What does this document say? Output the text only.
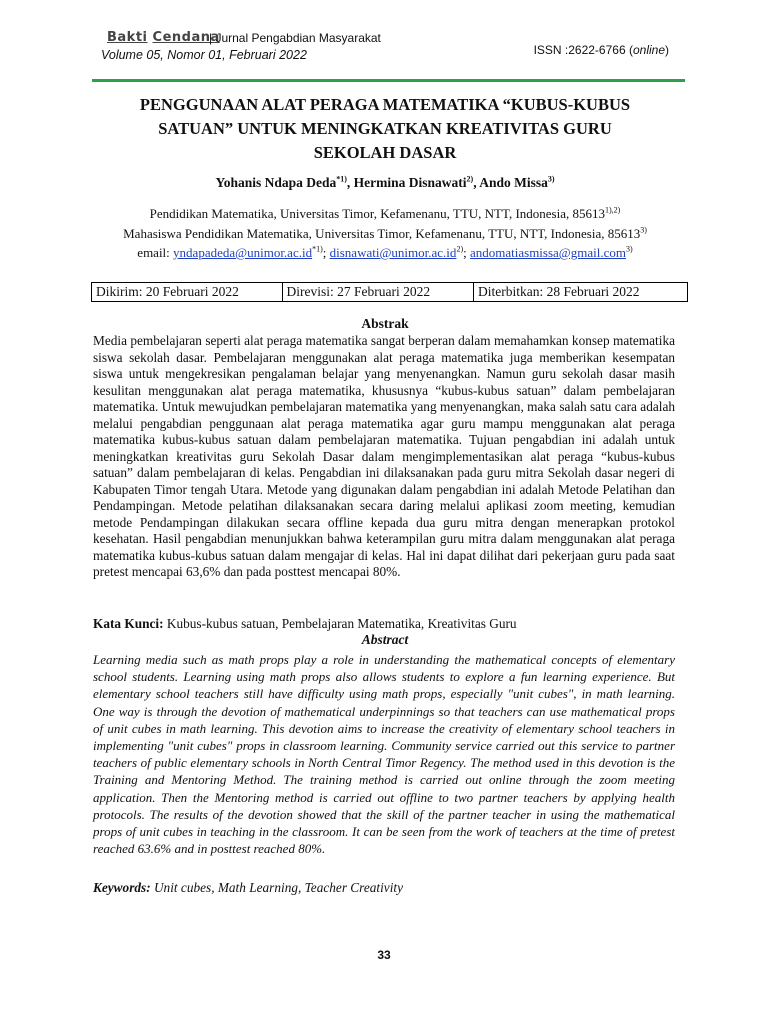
Bakti Cendana
| Jurnal Pengabdian Masyarakat
Volume 05, Nomor 01, Februari 2022	ISSN :2622-6766 (online)
PENGGUNAAN ALAT PERAGA MATEMATIKA “KUBUS-KUBUS
SATUAN” UNTUK MENINGKATKAN KREATIVITAS GURU
SEKOLAH DASAR
Yohanis Ndapa Deda$^{*1)}$, Hermina Disnawati$^{2)}$, Ando Missa$^{3)}$
Pendidikan Matematika, Universitas Timor, Kefamenanu, TTU, NTT, Indonesia, $85613^{1),2)}$
Mahasiswa Pendidikan Matematika, Universitas Timor, Kefamenanu, TTU, NTT, Indonesia, 85613$^{3)}$
email: $yndapadeda@unimor.ac.id^{*1)}$; $disnawati@unimor.ac.id^{2)}$; andomatiasmissa@gmail.com$^{3)}$
Dikirim: 20 Februari 2022	Direvisi: 27 Februari 2022	Diterbitkan: 28 Februari 2022
Abstrak

Media pembelajaran seperti alat peraga matematika sangat berperan dalam memahamkan konsep matematika siswa sekolah dasar. Pembelajaran menggunakan alat peraga matematika juga memberikan kesempatan siswa untuk mengekresikan pengalaman belajar yang menyenangkan. Namun guru sekolah dasar masih kesulitan menggunakan alat peraga matematika, khususnya “kubus-kubus satuan” dalam pembelajaran matematika. Untuk mewujudkan pembelajaran matematika yang menyenangkan, maka salah satu cara adalah melalui pengabdian penggunaan alat peraga matematika agar guru mampu menggunakan alat peraga matematika kubus-kubus satuan dalam pembelajaran matematika. Tujuan pengabdian ini adalah untuk meningkatkan kreativitas guru Sekolah Dasar dalam mengimplementasikan alat peraga “kubus-kubus satuan” dalam pembelajaran di kelas. Pengabdian ini dilaksanakan pada guru mitra Sekolah dasar negeri di Kabupaten Timor tengah Utara. Metode yang digunakan dalam pengabdian ini adalah Metode Pelatihan dan Pendampingan. Metode pelatihan dilaksanakan secara daring melalui aplikasi zoom meeting, kemudian metode Pendampingan dilakukan secara offline kepada dua guru mitra dengan menerapkan protokol kesehatan. Hasil pengabdian menunjukkan bahwa keterampilan guru mitra dalam menggunakan alat peraga matematika kubus-kubus satuan dalam mengajar di kelas. Hal ini dapat dilihat dari pekerjaan guru pada saat pretest mencapai 63,6% dan pada posttest mencapai 80%.

Kata Kunci: Kubus-kubus satuan, Pembelajaran Matematika, Kreativitas Guru
Abstract

Learning media such as math props play a role in understanding the mathematical concepts of elementary school students. Learning using math props also allows students to explore a fun learning experience. But elementary school teachers still have difficulty using math props, especially "unit cubes", in math learning. One way is through the devotion of mathematical underpinnings so that teachers can use mathematical props of unit cubes in math learning. This devotion aims to increase the creativity of elementary school teachers in implementing "unit cubes" props in classroom learning. Community service carried out this service to partner teachers of public elementary schools in North Central Timor Regency. The method used in this devotion is the Training and Mentoring Method. The training method is carried out online through the zoom meeting application. Then the Mentoring method is carried out offline to two partner teachers by applying health protocols. The results of the devotion showed that the skill of the partner teacher in using the mathematical props of unit cubes in teaching in the classroom. It can be seen from the work of teachers at the time of pretest reached 63.6% and in posttest reached 80%.

Keywords: Unit cubes, Math Learning, Teacher Creativity
33
